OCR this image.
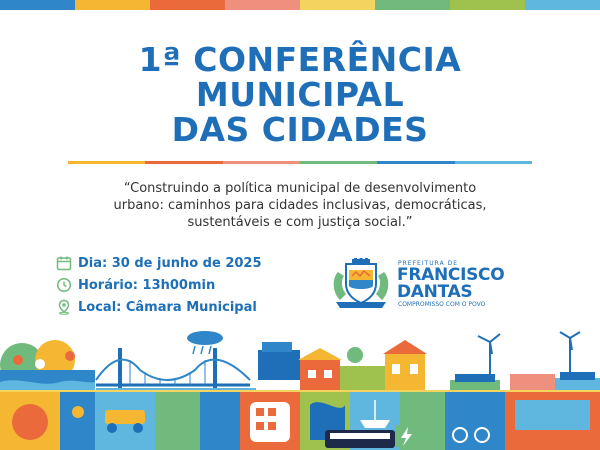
1ª CONFERÊNCIA
MUNICIPAL
DAS CIDADES
“Construindo a política municipal de desenvolvimento
urbano: caminhos para cidades inclusivas, democráticas,
sustentáveis e com justiça social.”
Dia: 30 de junho de 2025
Horário: 13h00min
Local: Câmara Municipal
PREFEITURA DE
FRANCISCO
DANTAS
COMPROMISSO COM O POVO
